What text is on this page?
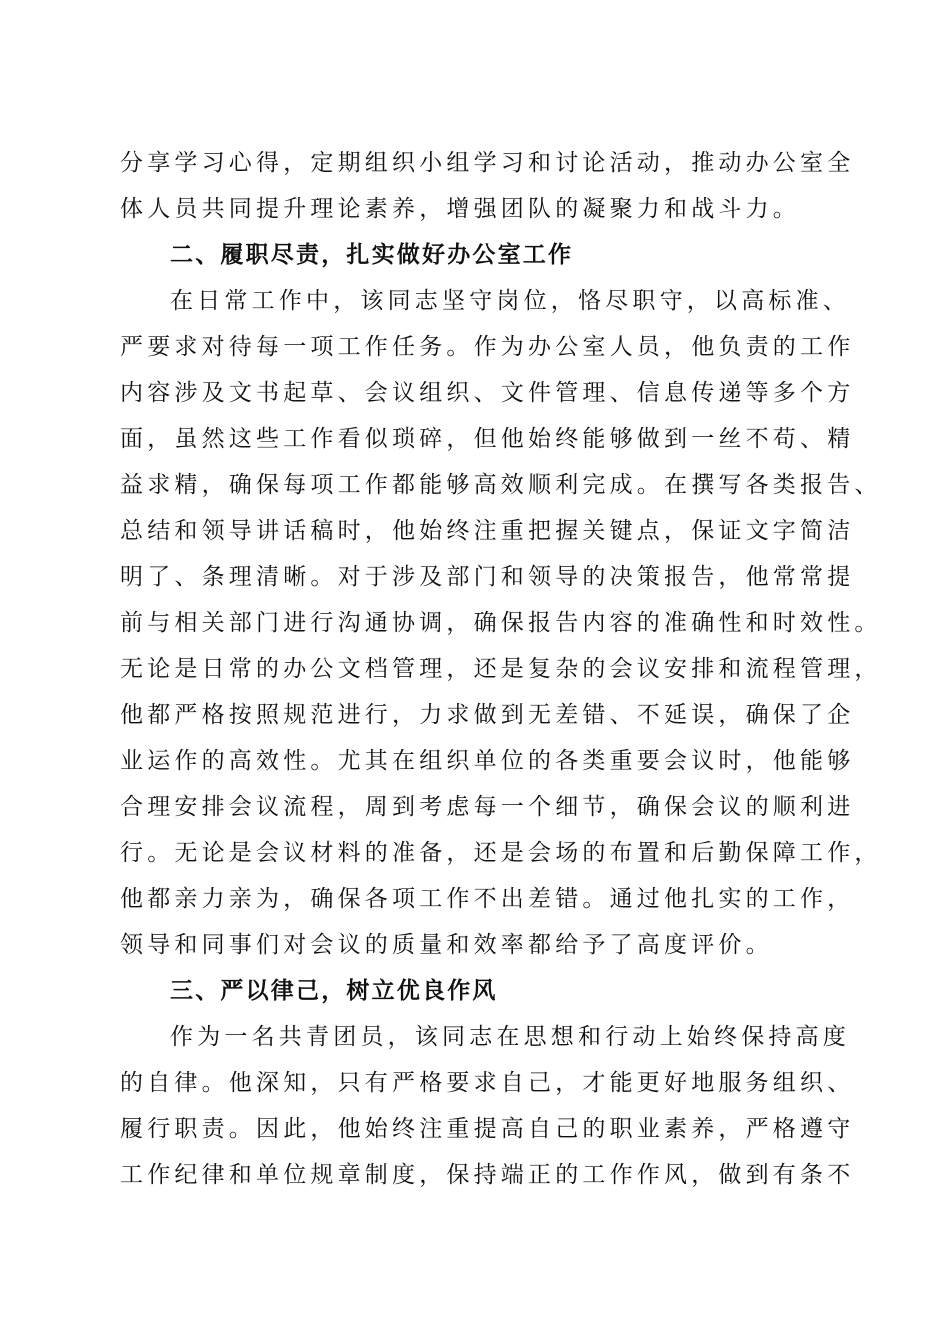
分享学习心得，定期组织小组学习和讨论活动，推动办公室全
体人员共同提升理论素养，增强团队的凝聚力和战斗力。
二、履职尽责，扎实做好办公室工作
在日常工作中，该同志坚守岗位，恪尽职守，以高标准、
严要求对待每一项工作任务。作为办公室人员，他负责的工作
内容涉及文书起草、会议组织、文件管理、信息传递等多个方
面，虽然这些工作看似琐碎，但他始终能够做到一丝不苟、精
益求精，确保每项工作都能够高效顺利完成。在撰写各类报告、
总结和领导讲话稿时，他始终注重把握关键点，保证文字简洁
明了、条理清晰。对于涉及部门和领导的决策报告，他常常提
前与相关部门进行沟通协调，确保报告内容的准确性和时效性。
无论是日常的办公文档管理，还是复杂的会议安排和流程管理，
他都严格按照规范进行，力求做到无差错、不延误，确保了企
业运作的高效性。尤其在组织单位的各类重要会议时，他能够
合理安排会议流程，周到考虑每一个细节，确保会议的顺利进
行。无论是会议材料的准备，还是会场的布置和后勤保障工作，
他都亲力亲为，确保各项工作不出差错。通过他扎实的工作，
领导和同事们对会议的质量和效率都给予了高度评价。
三、严以律己，树立优良作风
作为一名共青团员，该同志在思想和行动上始终保持高度
的自律。他深知，只有严格要求自己，才能更好地服务组织、
履行职责。因此，他始终注重提高自己的职业素养，严格遵守
工作纪律和单位规章制度，保持端正的工作作风，做到有条不
